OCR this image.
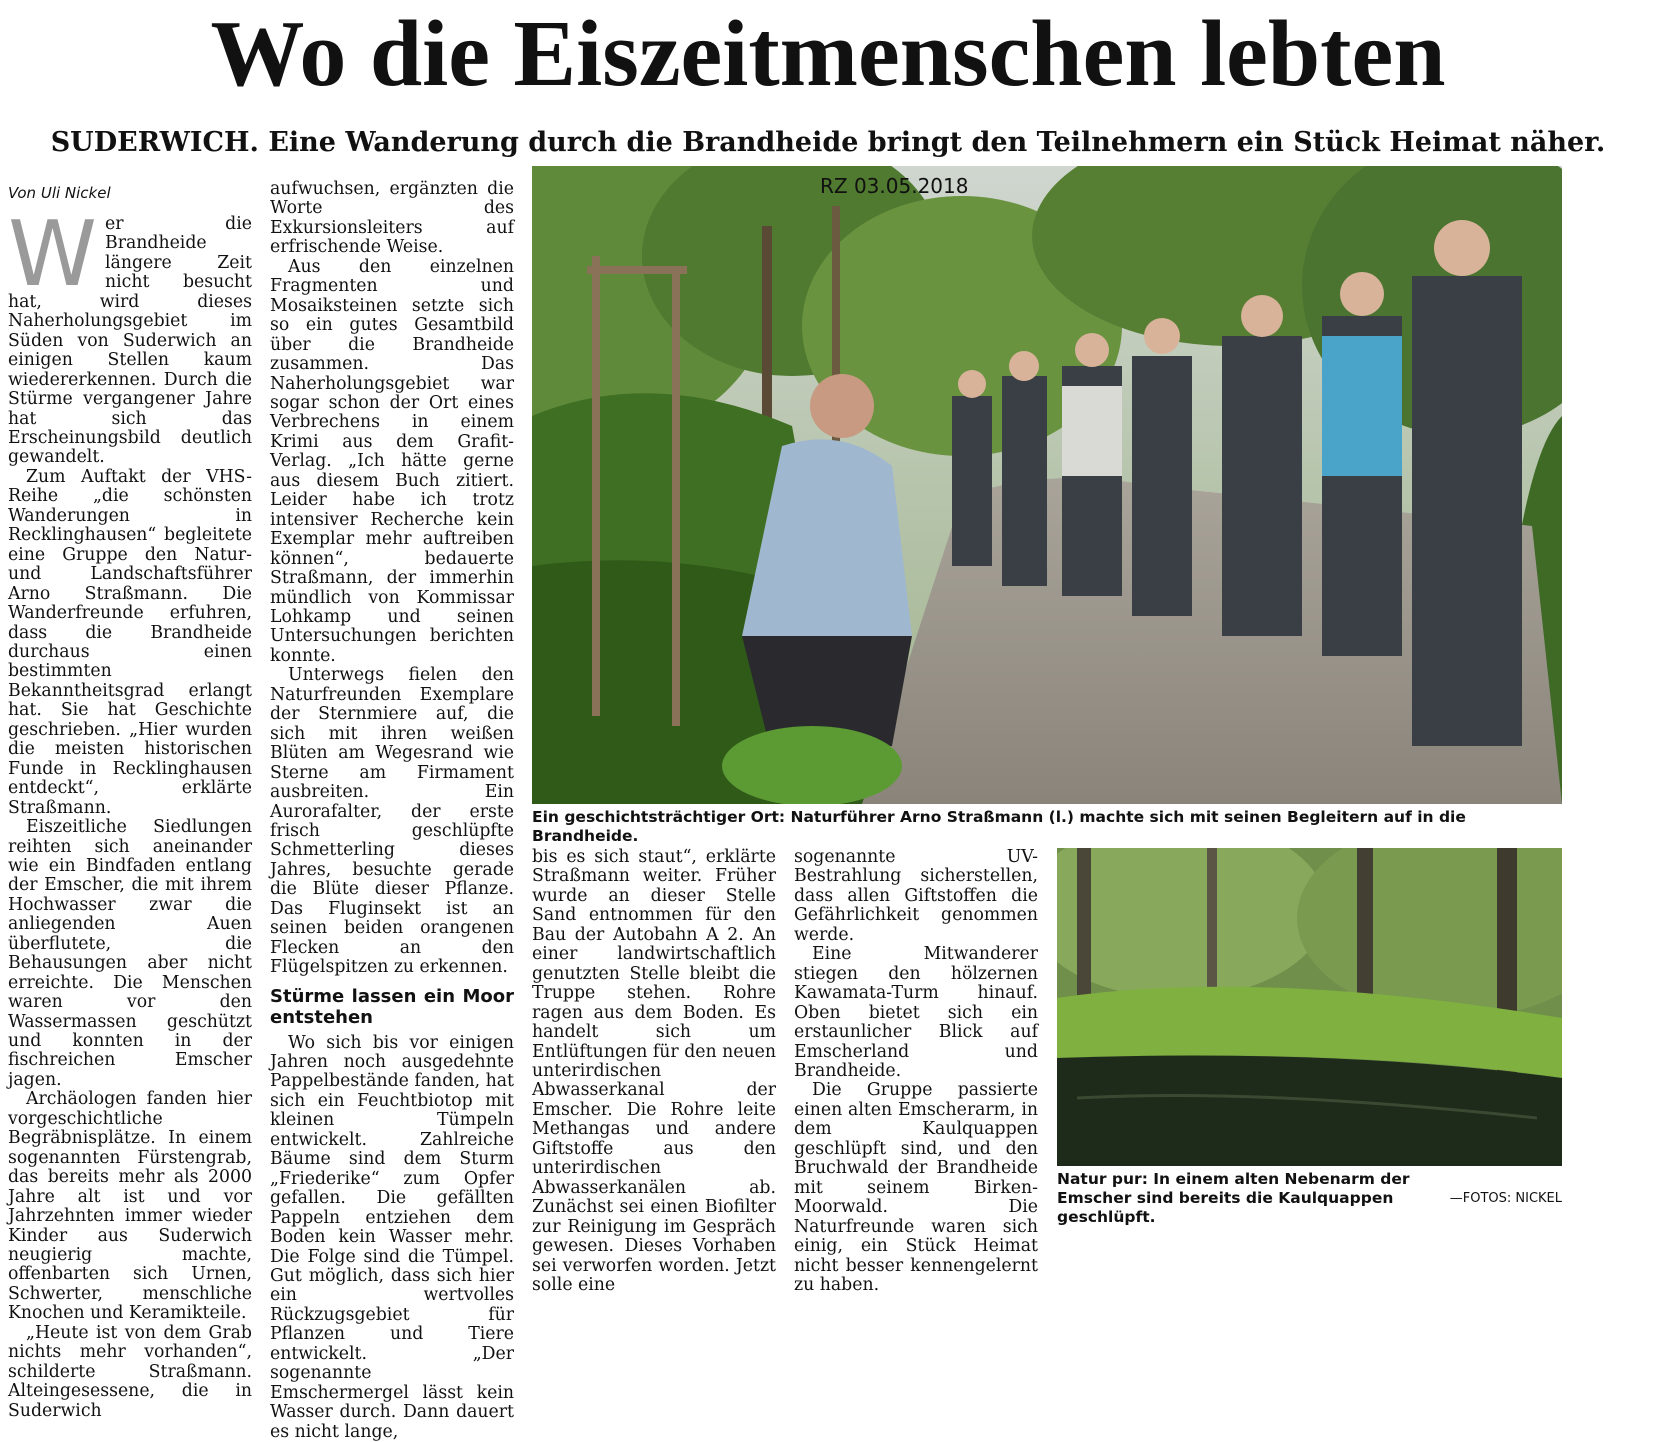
Wo die Eiszeitmenschen lebten
SUDERWICH. Eine Wanderung durch die Brandheide bringt den Teilnehmern ein Stück Heimat näher.
Von Uli Nickel

Wer die Brandheide längere Zeit nicht besucht hat, wird dieses Naherholungsgebiet im Süden von Suderwich an einigen Stellen kaum wiedererkennen. Durch die Stürme vergangener Jahre hat sich das Erscheinungsbild deutlich gewandelt.

Zum Auftakt der VHS-Reihe „die schönsten Wanderungen in Recklinghausen“ begleitete eine Gruppe den Natur- und Landschaftsführer Arno Straßmann. Die Wanderfreunde erfuhren, dass die Brandheide durchaus einen bestimmten Bekanntheitsgrad erlangt hat. Sie hat Geschichte geschrieben. „Hier wurden die meisten historischen Funde in Recklinghausen entdeckt“, erklärte Straßmann.

Eiszeitliche Siedlungen reihten sich aneinander wie ein Bindfaden entlang der Emscher, die mit ihrem Hochwasser zwar die anliegenden Auen überflutete, die Behausungen aber nicht erreichte. Die Menschen waren vor den Wassermassen geschützt und konnten in der fischreichen Emscher jagen.

Archäologen fanden hier vorgeschichtliche Begräbnisplätze. In einem sogenannten Fürstengrab, das bereits mehr als 2000 Jahre alt ist und vor Jahrzehnten immer wieder Kinder aus Suderwich neugierig machte, offenbarten sich Urnen, Schwerter, menschliche Knochen und Keramikteile.

„Heute ist von dem Grab nichts mehr vorhanden“, schilderte Straßmann. Alteingesessene, die in Suderwich

aufwuchsen, ergänzten die Worte des Exkursionsleiters auf erfrischende Weise.

Aus den einzelnen Fragmenten und Mosaiksteinen setzte sich so ein gutes Gesamtbild über die Brandheide zusammen. Das Naherholungsgebiet war sogar schon der Ort eines Verbrechens in einem Krimi aus dem Grafit-Verlag. „Ich hätte gerne aus diesem Buch zitiert. Leider habe ich trotz intensiver Recherche kein Exemplar mehr auftreiben können“, bedauerte Straßmann, der immerhin mündlich von Kommissar Lohkamp und seinen Untersuchungen berichten konnte.

Unterwegs fielen den Naturfreunden Exemplare der Sternmiere auf, die sich mit ihren weißen Blüten am Wegesrand wie Sterne am Firmament ausbreiten. Ein Aurorafalter, der erste frisch geschlüpfte Schmetterling dieses Jahres, besuchte gerade die Blüte dieser Pflanze. Das Fluginsekt ist an seinen beiden orangenen Flecken an den Flügelspitzen zu erkennen.

Stürme lassen ein Moor entstehen

Wo sich bis vor einigen Jahren noch ausgedehnte Pappelbestände fanden, hat sich ein Feuchtbiotop mit kleinen Tümpeln entwickelt. Zahlreiche Bäume sind dem Sturm „Friederike“ zum Opfer gefallen. Die gefällten Pappeln entziehen dem Boden kein Wasser mehr. Die Folge sind die Tümpel. Gut möglich, dass sich hier ein wertvolles Rückzugsgebiet für Pflanzen und Tiere entwickelt. „Der sogenannte Emschermergel lässt kein Wasser durch. Dann dauert es nicht lange,

RZ 03.05.2018
Ein geschichtsträchtiger Ort: Naturführer Arno Straßmann (l.) machte sich mit seinen Begleitern auf in die Brandheide.

bis es sich staut“, erklärte Straßmann weiter. Früher wurde an dieser Stelle Sand entnommen für den Bau der Autobahn A 2. An einer landwirtschaftlich genutzten Stelle bleibt die Truppe stehen. Rohre ragen aus dem Boden. Es handelt sich um Entlüftungen für den neuen unterirdischen Abwasserkanal der Emscher. Die Rohre leite Methangas und andere Giftstoffe aus den unterirdischen Abwasserkanälen ab. Zunächst sei einen Biofilter zur Reinigung im Gespräch gewesen. Dieses Vorhaben sei verworfen worden. Jetzt solle eine

sogenannte UV-Bestrahlung sicherstellen, dass allen Giftstoffen die Gefährlichkeit genommen werde.

Eine Mitwanderer stiegen den hölzernen Kawamata-Turm hinauf. Oben bietet sich ein erstaunlicher Blick auf Emscherland und Brandheide.

Die Gruppe passierte einen alten Emscherarm, in dem Kaulquappen geschlüpft sind, und den Bruchwald der Brandheide mit seinem Birken-Moorwald. Die Naturfreunde waren sich einig, ein Stück Heimat nicht besser kennengelernt zu haben.

Natur pur: In einem alten Nebenarm der Emscher sind bereits die Kaulquappen geschlüpft.
—FOTOS: NICKEL
